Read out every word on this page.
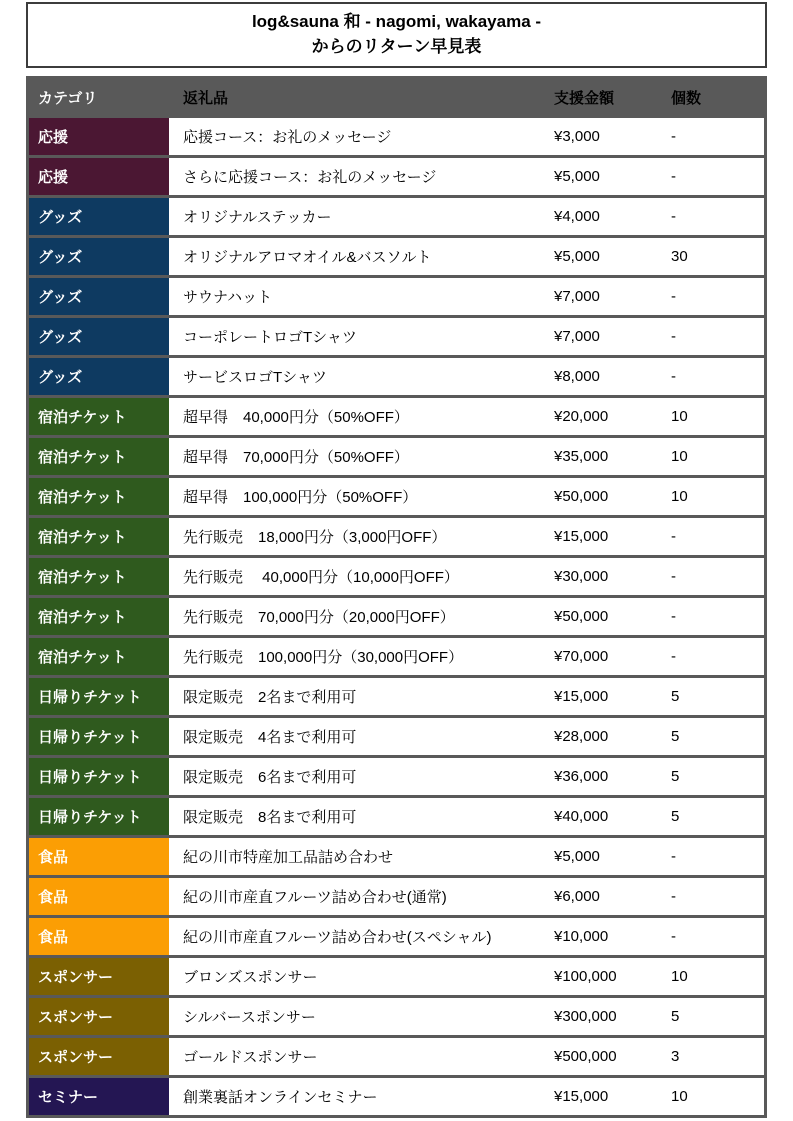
log&sauna 和 - nagomi, wakayama -
からのリターン早見表
カテゴリ	返礼品	支援金額	個数
応援	応援コース：お礼のメッセージ	¥3,000	-
応援	さらに応援コース：お礼のメッセージ	¥5,000	-
グッズ	オリジナルステッカー	¥4,000	-
グッズ	オリジナルアロマオイル&バスソルト	¥5,000	30
グッズ	サウナハット	¥7,000	-
グッズ	コーポレートロゴTシャツ	¥7,000	-
グッズ	サービスロゴTシャツ	¥8,000	-
宿泊チケット	超早得　40,000円分（50%OFF）	¥20,000	10
宿泊チケット	超早得　70,000円分（50%OFF）	¥35,000	10
宿泊チケット	超早得　100,000円分（50%OFF）	¥50,000	10
宿泊チケット	先行販売　18,000円分（3,000円OFF）	¥15,000	-
宿泊チケット	先行販売　 40,000円分（10,000円OFF）	¥30,000	-
宿泊チケット	先行販売　70,000円分（20,000円OFF）	¥50,000	-
宿泊チケット	先行販売　100,000円分（30,000円OFF）	¥70,000	-
日帰りチケット	限定販売　2名まで利用可	¥15,000	5
日帰りチケット	限定販売　4名まで利用可	¥28,000	5
日帰りチケット	限定販売　6名まで利用可	¥36,000	5
日帰りチケット	限定販売　8名まで利用可	¥40,000	5
食品	紀の川市特産加工品詰め合わせ	¥5,000	-
食品	紀の川市産直フルーツ詰め合わせ(通常)	¥6,000	-
食品	紀の川市産直フルーツ詰め合わせ(スペシャル)	¥10,000	-
スポンサー	ブロンズスポンサー	¥100,000	10
スポンサー	シルバースポンサー	¥300,000	5
スポンサー	ゴールドスポンサー	¥500,000	3
セミナー	創業裏話オンラインセミナー	¥15,000	10
